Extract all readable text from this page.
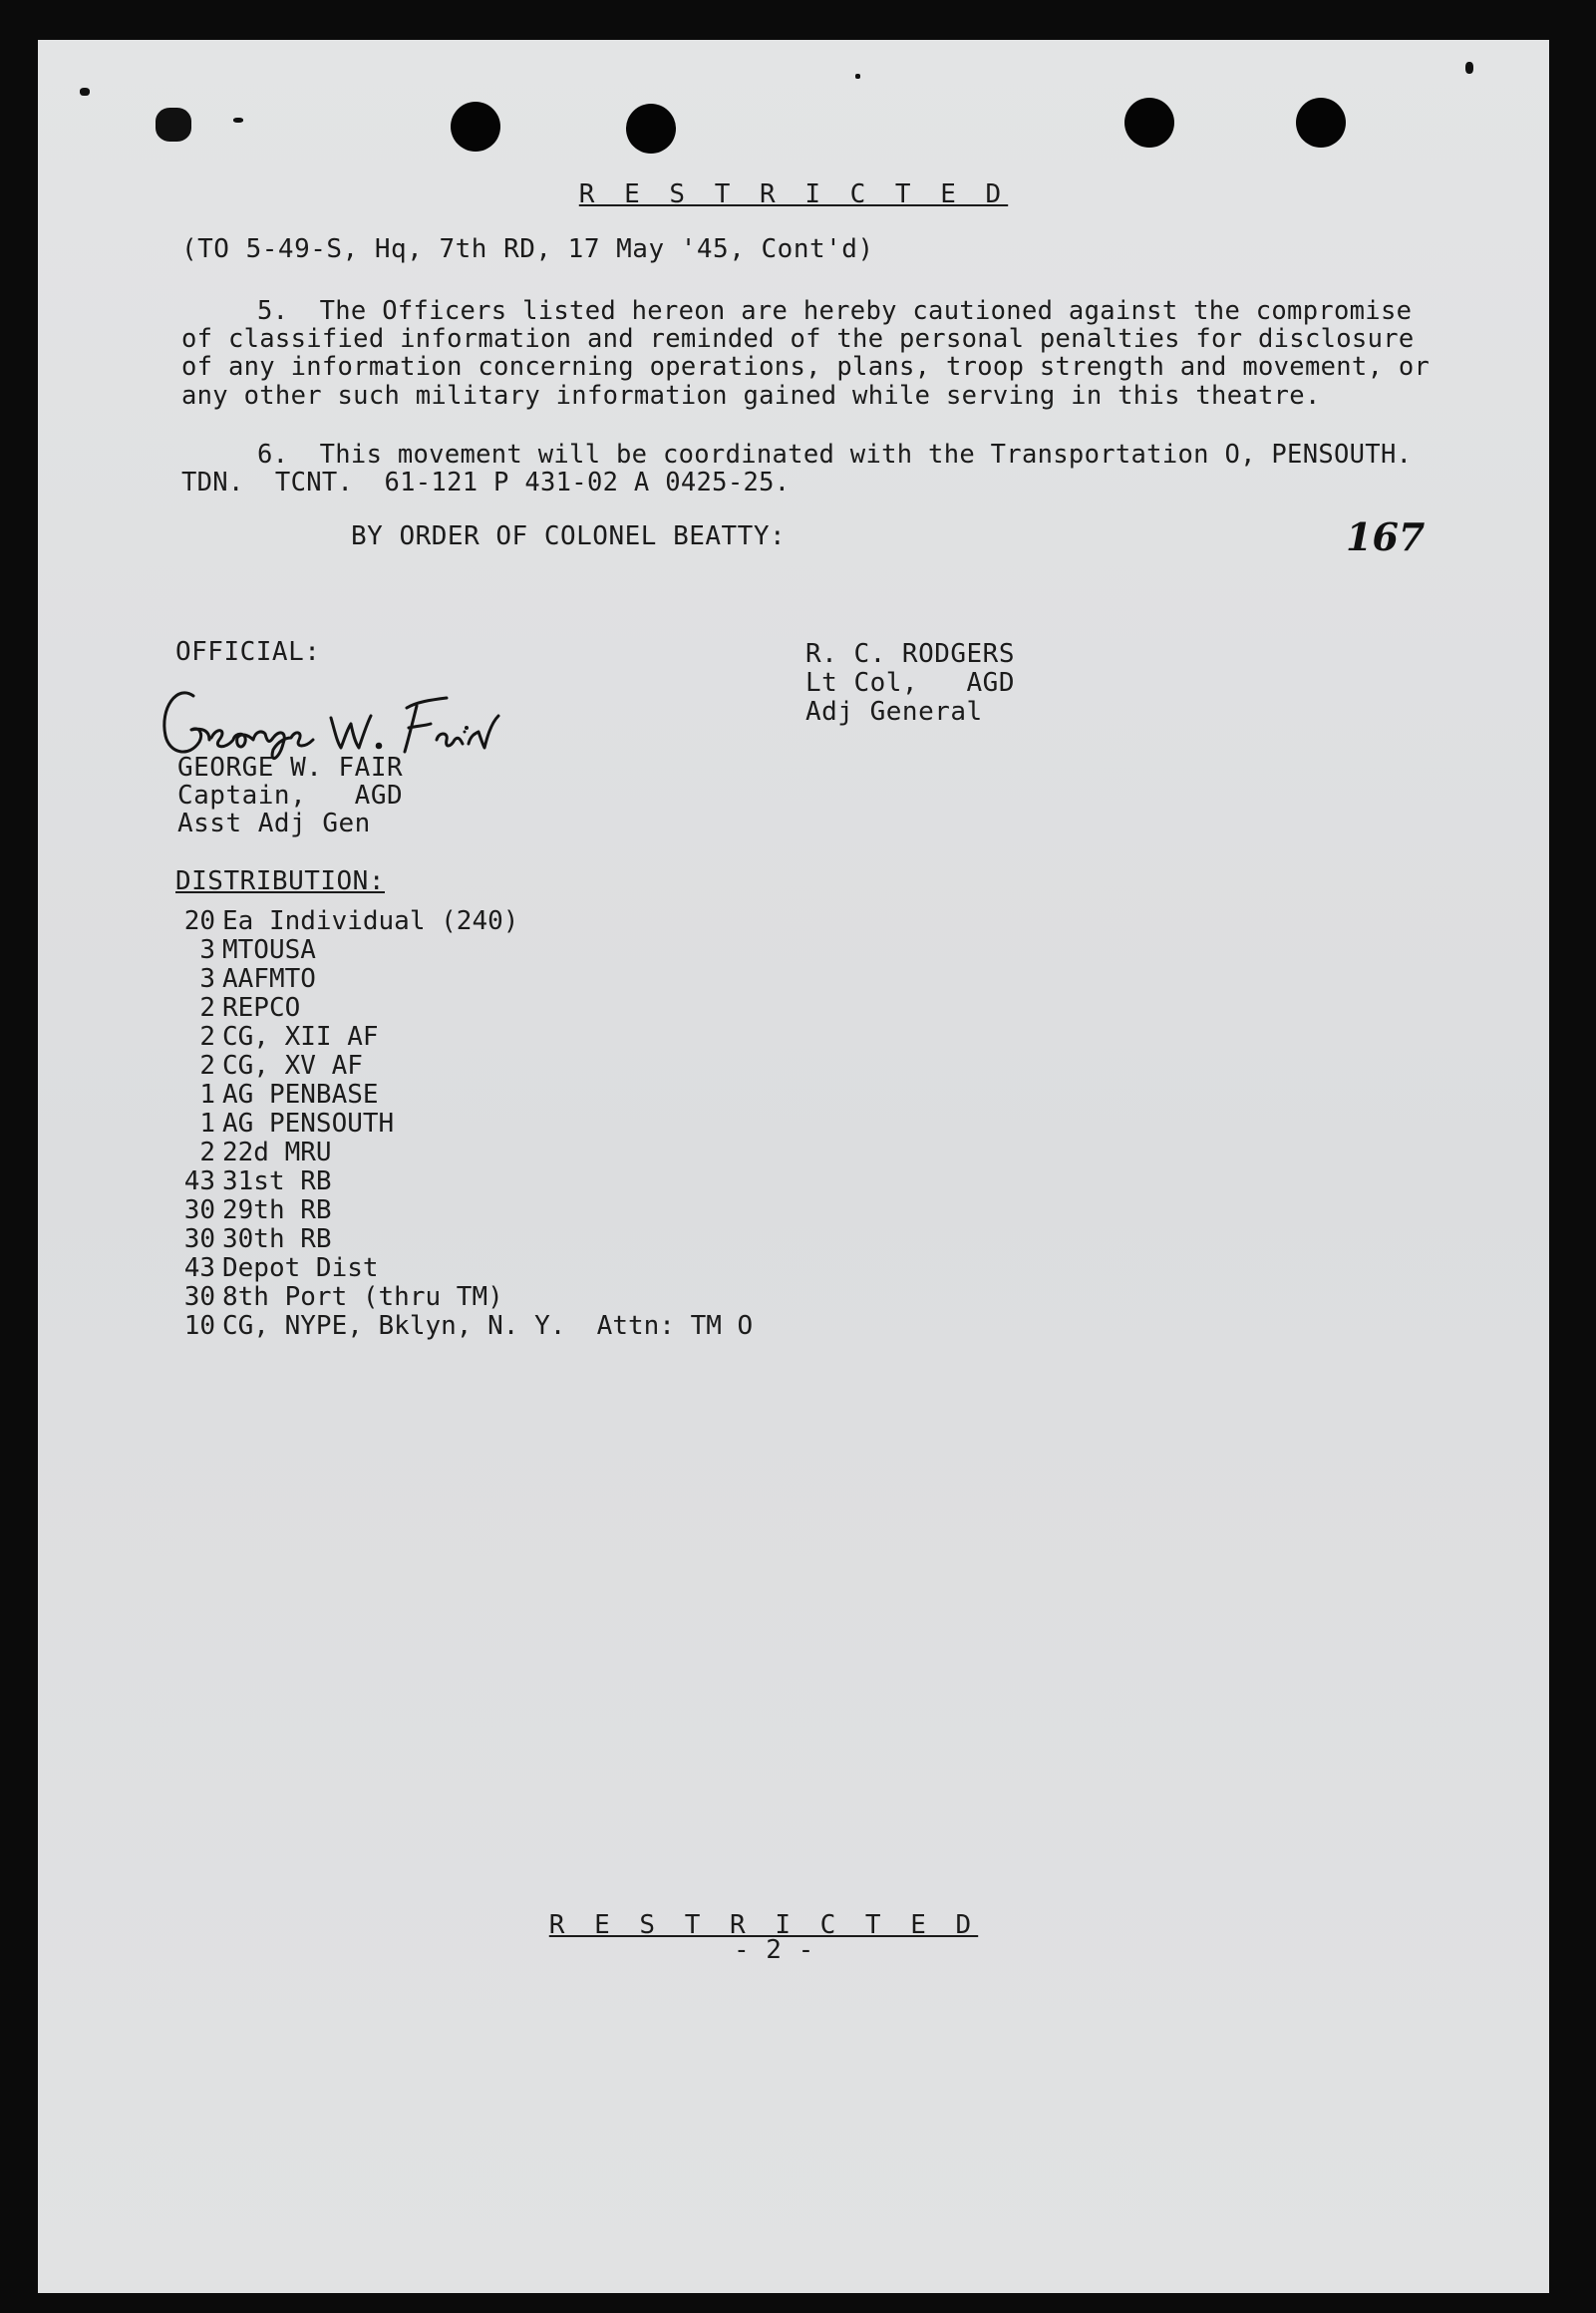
R E S T R I C T E D
(TO 5-49-S, Hq, 7th RD, 17 May '45, Cont'd)
5.  The Officers listed hereon are hereby cautioned against the compromise
of classified information and reminded of the personal penalties for disclosure
of any information concerning operations, plans, troop strength and movement, or
any other such military information gained while serving in this theatre.
6.  This movement will be coordinated with the Transportation O, PENSOUTH.
TDN.  TCNT.  61-121 P 431-02 A 0425-25.
BY ORDER OF COLONEL BEATTY:	167
OFFICIAL:
GEORGE W. FAIR
Captain,   AGD
Asst Adj Gen
R. C. RODGERS
Lt Col,   AGD
Adj General
DISTRIBUTION:
20 Ea Individual (240)
3 MTOUSA
3 AAFMTO
2 REPCO
2 CG, XII AF
2 CG, XV AF
1 AG PENBASE
1 AG PENSOUTH
2 22d MRU
43 31st RB
30 29th RB
30 30th RB
43 Depot Dist
30 8th Port (thru TM)
10 CG, NYPE, Bklyn, N. Y.  Attn: TM O
R E S T R I C T E D
- 2 -
